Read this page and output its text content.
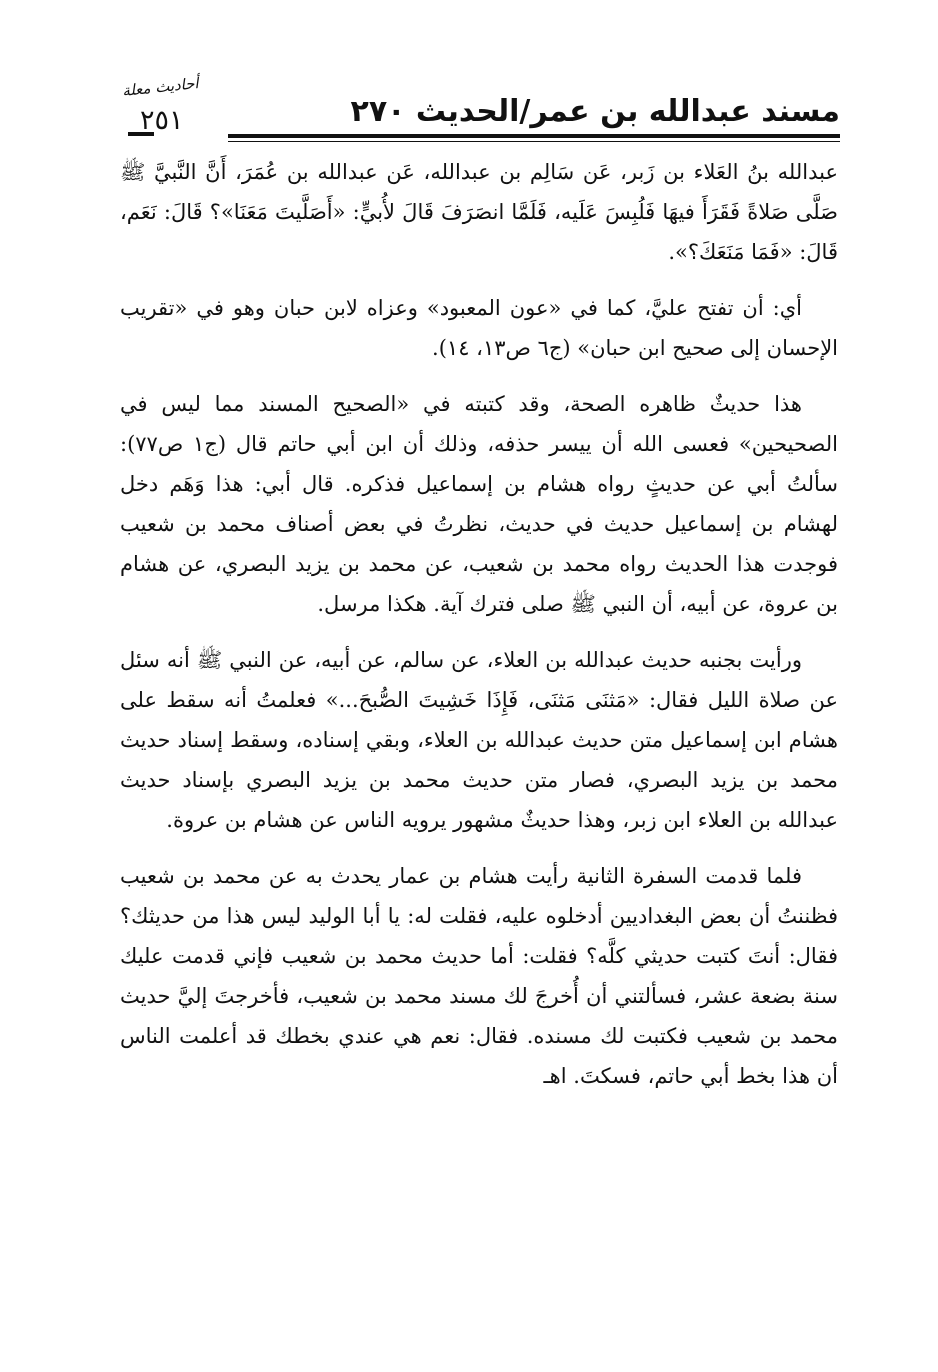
أحاديث معلة
٢٥١	مسند عبدالله بن عمر/الحديث ٢٧٠

عبدالله بنُ العَلاء بن زَبر، عَن سَالِم بن عبدالله، عَن عبدالله بن عُمَرَ، أَنَّ النَّبيَّ ﷺ صَلَّى صَلاةً فَقَرَأَ فيهَا فَلُبِسَ عَلَيه، فَلَمَّا انصَرَفَ قَالَ لأُبيٍّ: «أَصَلَّيتَ مَعَنَا»؟ قَالَ: نَعَم، قَالَ: «فَمَا مَنَعَكَ؟».

أي: أن تفتح عليَّ، كما في «عون المعبود» وعزاه لابن حبان وهو في «تقريب الإحسان إلى صحيح ابن حبان» (ج٦ ص١٣، ١٤).

هذا حديثٌ ظاهره الصحة، وقد كتبته في «الصحيح المسند مما ليس في الصحيحين» فعسى الله أن ييسر حذفه، وذلك أن ابن أبي حاتم قال (ج١ ص٧٧): سألتُ أبي عن حديثٍ رواه هشام بن إسماعيل فذكره. قال أبي: هذا وَهَم دخل لهشام بن إسماعيل حديث في حديث، نظرتُ في بعض أصناف محمد بن شعيب فوجدت هذا الحديث رواه محمد بن شعيب، عن محمد بن يزيد البصري، عن هشام بن عروة، عن أبيه، أن النبي ﷺ صلى فترك آية. هكذا مرسل.

ورأيت بجنبه حديث عبدالله بن العلاء، عن سالم، عن أبيه، عن النبي ﷺ أنه سئل عن صلاة الليل فقال: «مَثنَى مَثنَى، فَإِذَا خَشِيتَ الصُّبحَ...» فعلمتُ أنه سقط على هشام ابن إسماعيل متن حديث عبدالله بن العلاء، وبقي إسناده، وسقط إسناد حديث محمد بن يزيد البصري، فصار متن حديث محمد بن يزيد البصري بإسناد حديث عبدالله بن العلاء ابن زبر، وهذا حديثٌ مشهور يرويه الناس عن هشام بن عروة.

فلما قدمت السفرة الثانية رأيت هشام بن عمار يحدث به عن محمد بن شعيب فظننتُ أن بعض البغداديين أدخلوه عليه، فقلت له: يا أبا الوليد ليس هذا من حديثك؟ فقال: أنتَ كتبت حديثي كلَّه؟ فقلت: أما حديث محمد بن شعيب فإني قدمت عليك سنة بضعة عشر، فسألتني أن أُخرجَ لك مسند محمد بن شعيب، فأخرجتَ إليَّ حديث محمد بن شعيب فكتبت لك مسنده. فقال: نعم هي عندي بخطك قد أعلمت الناس أن هذا بخط أبي حاتم، فسكتَ. اهـ
